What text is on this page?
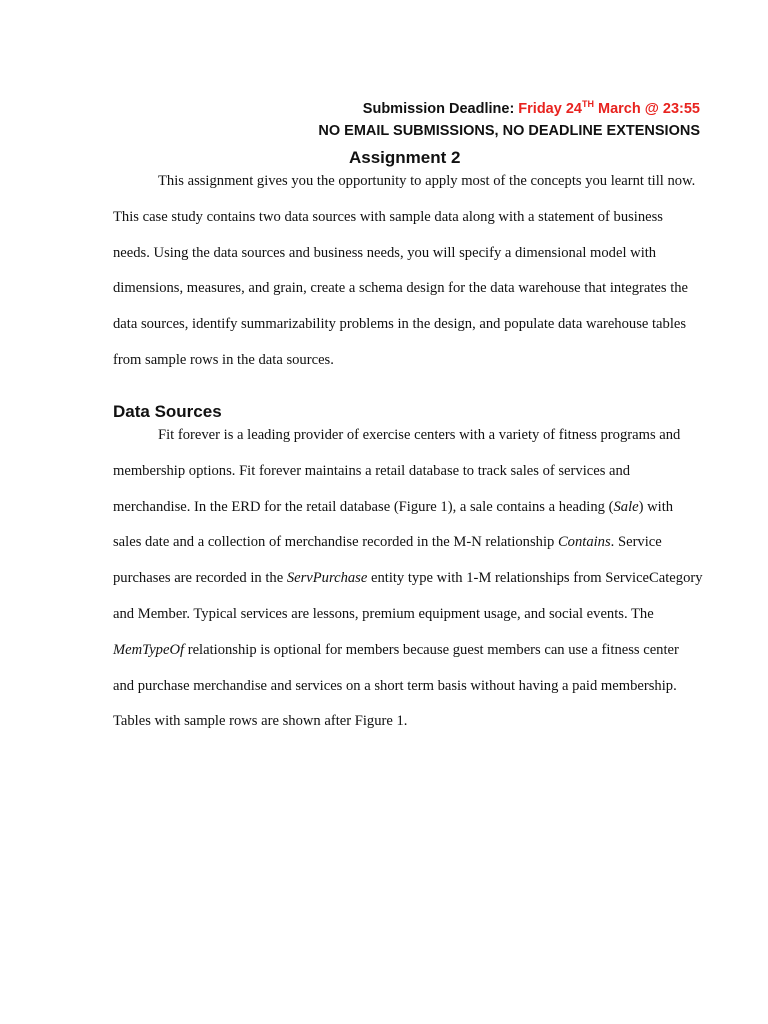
Submission Deadline: Friday 24TH March @ 23:55
NO EMAIL SUBMISSIONS, NO DEADLINE EXTENSIONS
Assignment 2

This assignment gives you the opportunity to apply most of the concepts you learnt till now. This case study contains two data sources with sample data along with a statement of business needs. Using the data sources and business needs, you will specify a dimensional model with dimensions, measures, and grain, create a schema design for the data warehouse that integrates the data sources, identify summarizability problems in the design, and populate data warehouse tables from sample rows in the data sources.

Data Sources

Fit forever is a leading provider of exercise centers with a variety of fitness programs and membership options. Fit forever maintains a retail database to track sales of services and merchandise. In the ERD for the retail database (Figure 1), a sale contains a heading (Sale) with sales date and a collection of merchandise recorded in the M-N relationship Contains. Service purchases are recorded in the ServPurchase entity type with 1-M relationships from ServiceCategory and Member. Typical services are lessons, premium equipment usage, and social events. The MemTypeOf relationship is optional for members because guest members can use a fitness center and purchase merchandise and services on a short term basis without having a paid membership. Tables with sample rows are shown after Figure 1.
